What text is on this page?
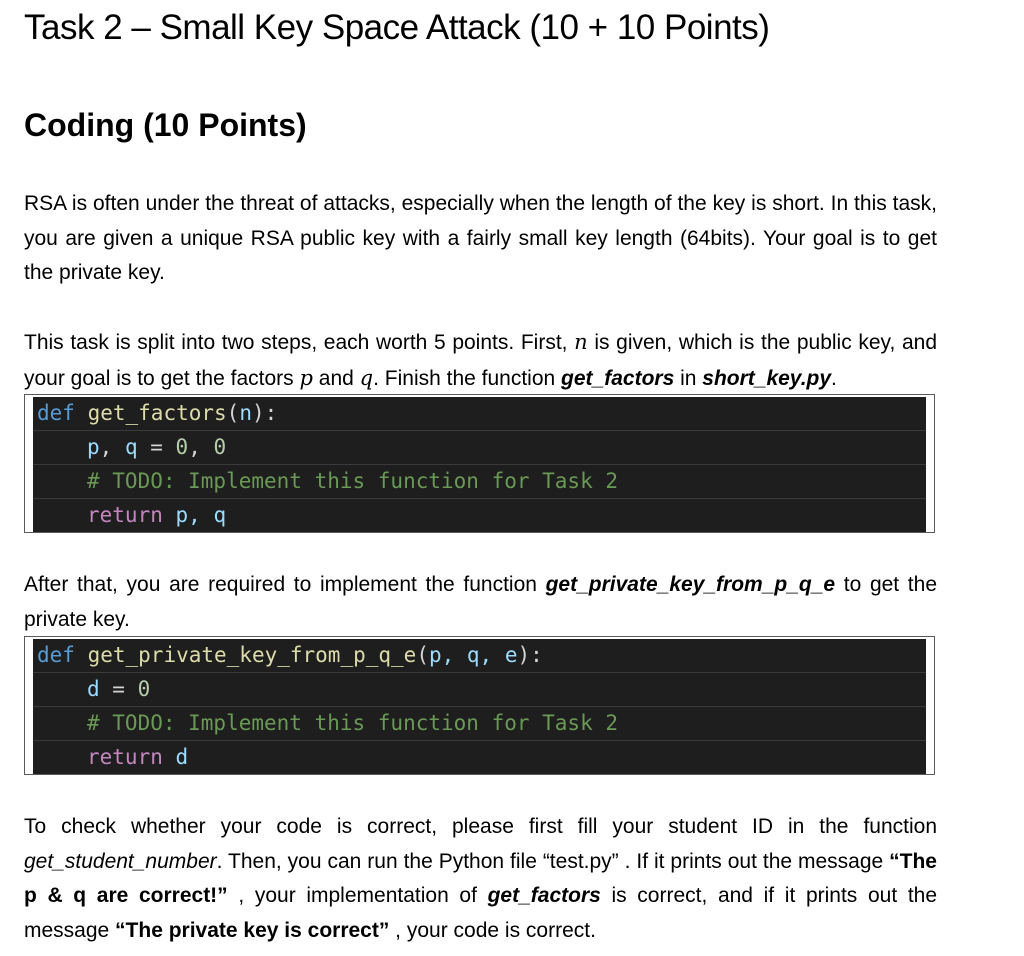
Task 2 – Small Key Space Attack (10 + 10 Points)
Coding (10 Points)
RSA is often under the threat of attacks, especially when the length of the key is short. In this task, you are given a unique RSA public key with a fairly small key length (64bits). Your goal is to get the private key.
This task is split into two steps, each worth 5 points. First, n is given, which is the public key, and your goal is to get the factors p and q. Finish the function get_factors in short_key.py.
def get_factors(n):
p, q = 0, 0
# TODO: Implement this function for Task 2
return p, q
After that, you are required to implement the function get_private_key_from_p_q_e to get the private key.
def get_private_key_from_p_q_e(p, q, e):
d = 0
# TODO: Implement this function for Task 2
return d
To check whether your code is correct, please first fill your student ID in the function get_student_number. Then, you can run the Python file “test.py” . If it prints out the message “The p & q are correct!” , your implementation of get_factors is correct, and if it prints out the message “The private key is correct” , your code is correct.
